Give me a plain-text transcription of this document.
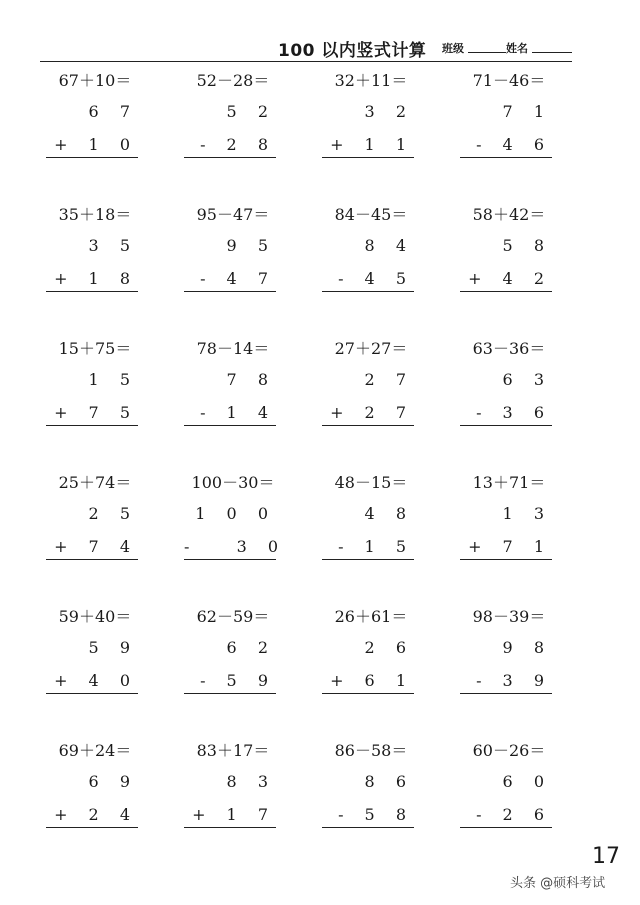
100 以内竖式计算 班级	姓名
67＋10＝
6 7
+ 1 0
52－28＝
5 2
- 2 8
32＋11＝
3 2
+ 1 1
71－46＝
7 1
- 4 6
35＋18＝
3 5
+ 1 8
95－47＝
9 5
- 4 7
84－45＝
8 4
- 4 5
58＋42＝
5 8
+ 4 2
15＋75＝
1 5
+ 7 5
78－14＝
7 8
- 1 4
27＋27＝
2 7
+ 2 7
63－36＝
6 3
- 3 6
25＋74＝
2 5
+ 7 4
100－30＝
1 0 0
-   3 0
48－15＝
4 8
- 1 5
13＋71＝
1 3
+ 7 1
59＋40＝
5 9
+ 4 0
62－59＝
6 2
- 5 9
26＋61＝
2 6
+ 6 1
98－39＝
9 8
- 3 9
69＋24＝
6 9
+ 2 4
83＋17＝
8 3
+ 1 7
86－58＝
8 6
- 5 8
60－26＝
6 0
- 2 6
17
头条 @硕科考试
